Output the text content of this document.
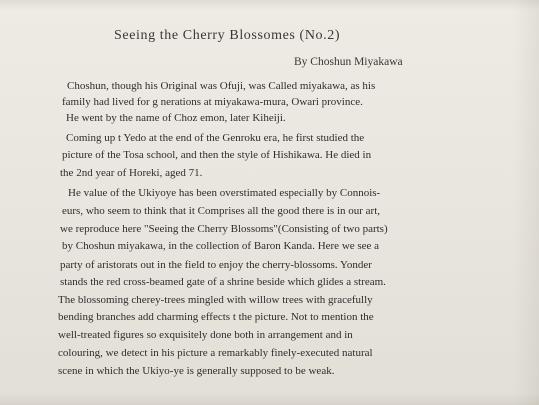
Seeing the Cherry Blossomes (No.2)
By Choshun Miyakawa
Choshun, though his Original was Ofuji, was Called miyakawa, as his
family had lived for g nerations at miyakawa-mura, Owari province.
He went by the name of Choz emon, later Kiheiji.
Coming up t Yedo at the end of the Genroku era, he first studied the
picture of the Tosa school, and then the style of Hishikawa. He died in
the 2nd year of Horeki, aged 71.
He value of the Ukiyoye has been overstimated especially by Connois-
eurs, who seem to think that it Comprises all the good there is in our art,
we reproduce here "Seeing the Cherry Blossoms"(Consisting of two parts)
by Choshun miyakawa, in the collection of Baron Kanda. Here we see a
party of aristorats out in the field to enjoy the cherry-blossoms. Yonder
stands the red cross-beamed gate of a shrine beside which glides a stream.
The blossoming cherey-trees mingled with willow trees with gracefully
bending branches add charming effects t the picture. Not to mention the
well-treated figures so exquisitely done both in arrangement and in
colouring, we detect in his picture a remarkably finely-executed natural
scene in which the Ukiyo-ye is generally supposed to be weak.
